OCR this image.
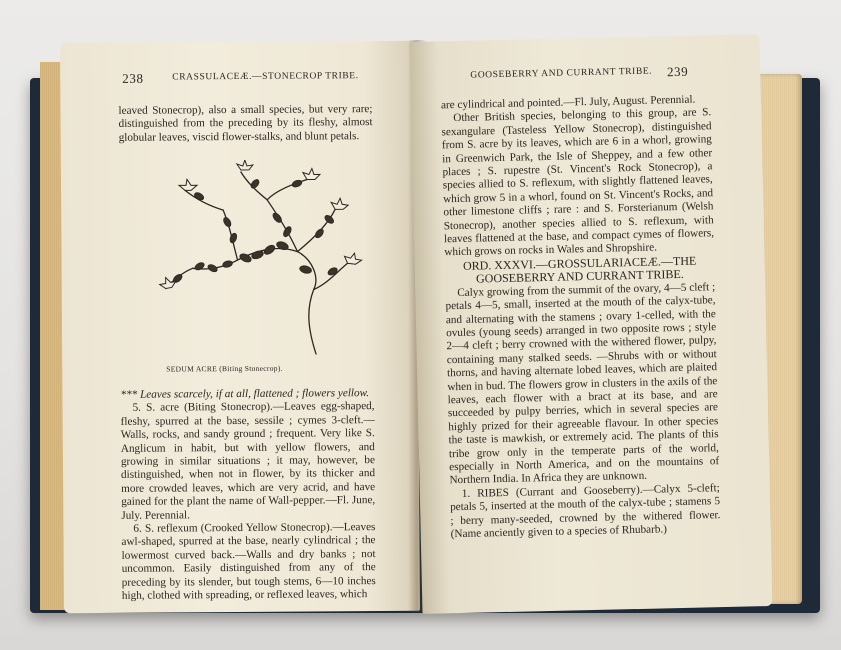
238	CRASSULACEÆ.—STONECROP TRIBE.

leaved Stonecrop), also a small species, but very rare; distinguished from the preceding by its fleshy, almost globular leaves, viscid flower-stalks, and blunt petals.

SEDUM ACRE (Biting Stonecrop).

*** Leaves scarcely, if at all, flattened ; flowers yellow.

5. S. acre (Biting Stonecrop).—Leaves egg-shaped, fleshy, spurred at the base, sessile ; cymes 3-cleft.— Walls, rocks, and sandy ground ; frequent. Very like S. Anglicum in habit, but with yellow flowers, and growing in similar situations ; it may, however, be distinguished, when not in flower, by its thicker and more crowded leaves, which are very acrid, and have gained for the plant the name of Wall-pepper.—Fl. June, July. Perennial.

6. S. reflexum (Crooked Yellow Stonecrop).—Leaves awl-shaped, spurred at the base, nearly cylindrical ; the lowermost curved back.—Walls and dry banks ; not uncommon. Easily distinguished from any of the preceding by its slender, but tough stems, 6—10 inches high, clothed with spreading, or reflexed leaves, which

GOOSEBERRY AND CURRANT TRIBE. 239

are cylindrical and pointed.—Fl. July, August. Perennial.

Other British species, belonging to this group, are S. sexangulare (Tasteless Yellow Stonecrop), distinguished from S. acre by its leaves, which are 6 in a whorl, growing in Greenwich Park, the Isle of Sheppey, and a few other places ; S. rupestre (St. Vincent's Rock Stonecrop), a species allied to S. reflexum, with slightly flattened leaves, which grow 5 in a whorl, found on St. Vincent's Rocks, and other limestone cliffs ; rare : and S. Forsterianum (Welsh Stonecrop), another species allied to S. reflexum, with leaves flattened at the base, and compact cymes of flowers, which grows on rocks in Wales and Shropshire.

ORD. XXXVI.—GROSSULARIACEÆ.—THE GOOSEBERRY AND CURRANT TRIBE.

Calyx growing from the summit of the ovary, 4—5 cleft ; petals 4—5, small, inserted at the mouth of the calyx-tube, and alternating with the stamens ; ovary 1-celled, with the ovules (young seeds) arranged in two opposite rows ; style 2—4 cleft ; berry crowned with the withered flower, pulpy, containing many stalked seeds. —Shrubs with or without thorns, and having alternate lobed leaves, which are plaited when in bud. The flowers grow in clusters in the axils of the leaves, each flower with a bract at its base, and are succeeded by pulpy berries, which in several species are highly prized for their agreeable flavour. In other species the taste is mawkish, or extremely acid. The plants of this tribe grow only in the temperate parts of the world, especially in North America, and on the mountains of Northern India. In Africa they are unknown.

1. RIBES (Currant and Gooseberry).—Calyx 5-cleft; petals 5, inserted at the mouth of the calyx-tube ; stamens 5 ; berry many-seeded, crowned by the withered flower. (Name anciently given to a species of Rhubarb.)
